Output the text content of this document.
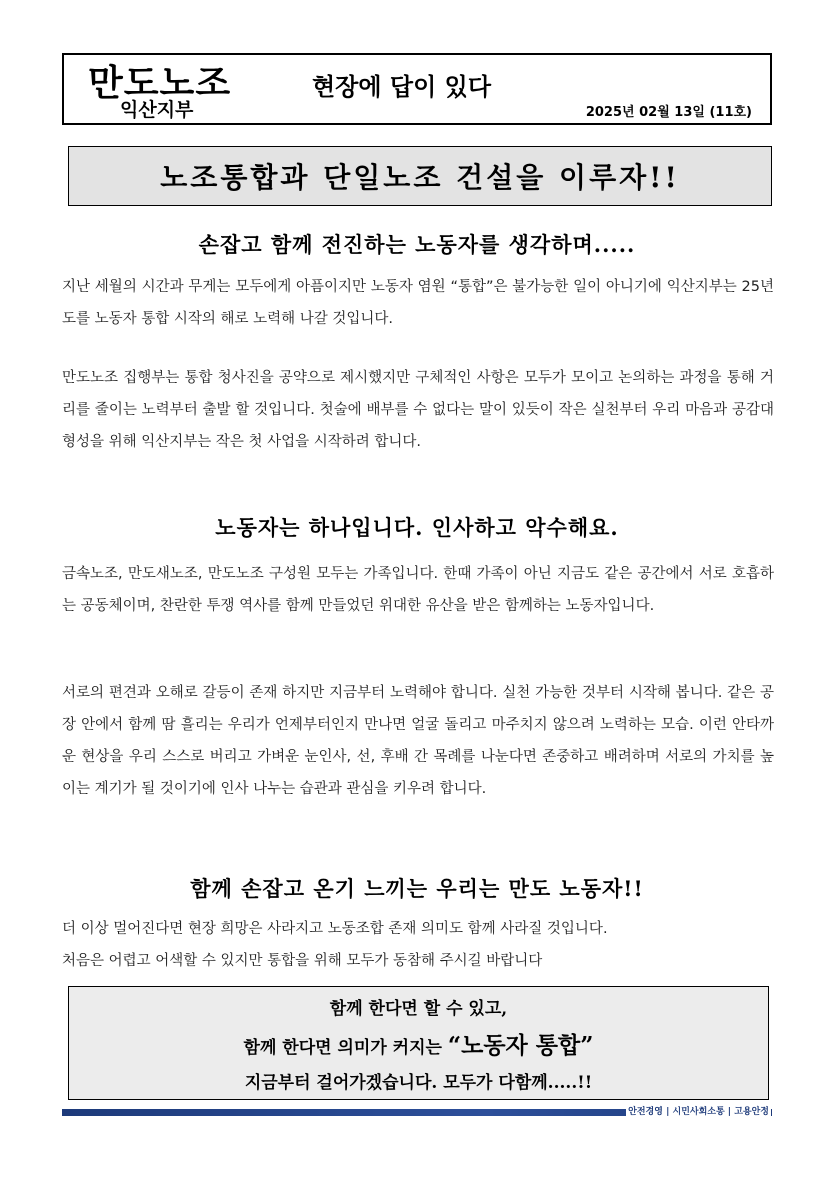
만도노조
익산지부
현장에 답이 있다
2025년 02월 13일 (11호)
노조통합과 단일노조 건설을 이루자!!
손잡고 함께 전진하는 노동자를 생각하며.....

지난 세월의 시간과 무게는 모두에게 아픔이지만 노동자 염원 “통합”은 불가능한 일이 아니기에 익산지부는 25년도를 노동자 통합 시작의 해로 노력해 나갈 것입니다.

만도노조 집행부는 통합 청사진을 공약으로 제시했지만 구체적인 사항은 모두가 모이고 논의하는 과정을 통해 거리를 줄이는 노력부터 출발 할 것입니다. 첫술에 배부를 수 없다는 말이 있듯이 작은 실천부터 우리 마음과 공감대 형성을 위해 익산지부는 작은 첫 사업을 시작하려 합니다.

노동자는 하나입니다. 인사하고 악수해요.

금속노조, 만도새노조, 만도노조 구성원 모두는 가족입니다. 한때 가족이 아닌 지금도 같은 공간에서 서로 호흡하는 공동체이며, 찬란한 투쟁 역사를 함께 만들었던 위대한 유산을 받은 함께하는 노동자입니다.

서로의 편견과 오해로 갈등이 존재 하지만 지금부터 노력해야 합니다. 실천 가능한 것부터 시작해 봅니다. 같은 공장 안에서 함께 땀 흘리는 우리가 언제부터인지 만나면 얼굴 돌리고 마주치지 않으려 노력하는 모습. 이런 안타까운 현상을 우리 스스로 버리고 가벼운 눈인사, 선, 후배 간 목례를 나눈다면 존중하고 배려하며 서로의 가치를 높이는 계기가 될 것이기에 인사 나누는 습관과 관심을 키우려 합니다.

함께 손잡고 온기 느끼는 우리는 만도 노동자!!

더 이상 멀어진다면 현장 희망은 사라지고 노동조합 존재 의미도 함께 사라질 것입니다.

처음은 어렵고 어색할 수 있지만 통합을 위해 모두가 동참해 주시길 바랍니다

함께 한다면 할 수 있고,
함께 한다면 의미가 커지는 “노동자 통합”
지금부터 걸어가겠습니다. 모두가 다함께.....!!
안전경영 | 시민사회소통 | 고용안정
